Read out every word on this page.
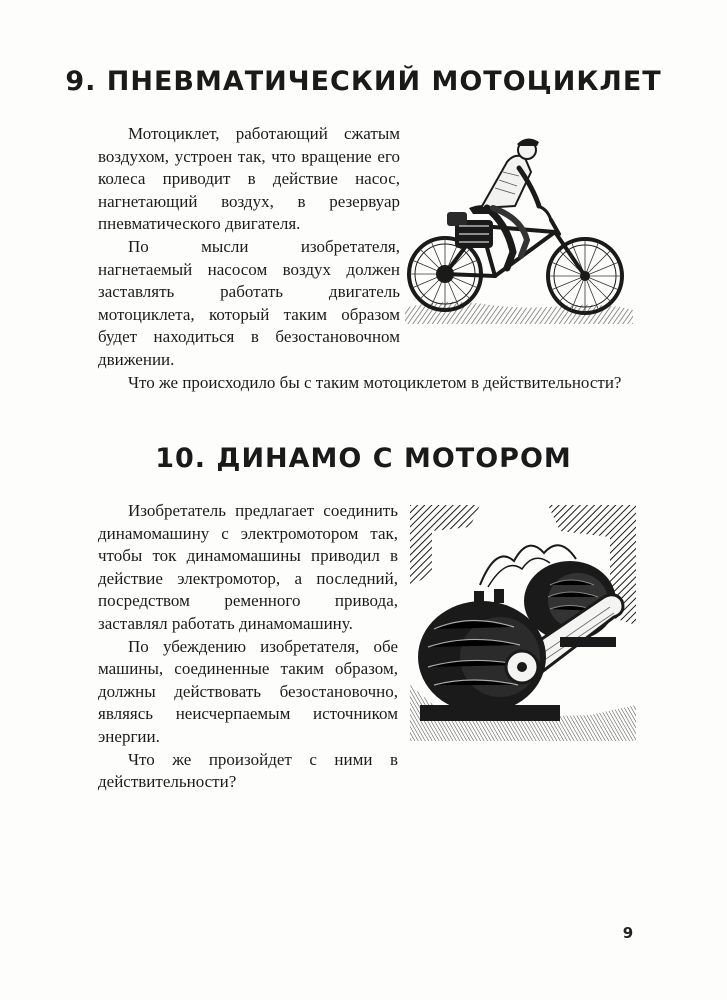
9. ПНЕВМАТИЧЕСКИЙ МОТОЦИКЛЕТ

Мотоциклет, работающий сжатым воздухом, устроен так, что вращение его колеса приводит в действие насос, нагнетающий воздух, в резервуар пневматического двигателя.

По мысли изобретателя, нагнетаемый насосом воздух должен заставлять работать двигатель мотоциклета, который таким образом будет находиться в безостановочном движении.

Что же происходило бы с таким мотоциклетом в действительности?

10. ДИНАМО С МОТОРОМ

Изобретатель предлагает соединить динамомашину с электромотором так, чтобы ток динамомашины приводил в действие электромотор, а последний, посредством ременного привода, заставлял работать динамомашину.

По убеждению изобретателя, обе машины, соединенные таким образом, должны действовать безостановочно, являясь неисчерпаемым источником энергии.

Что же произойдет с ними в действительности?

9
